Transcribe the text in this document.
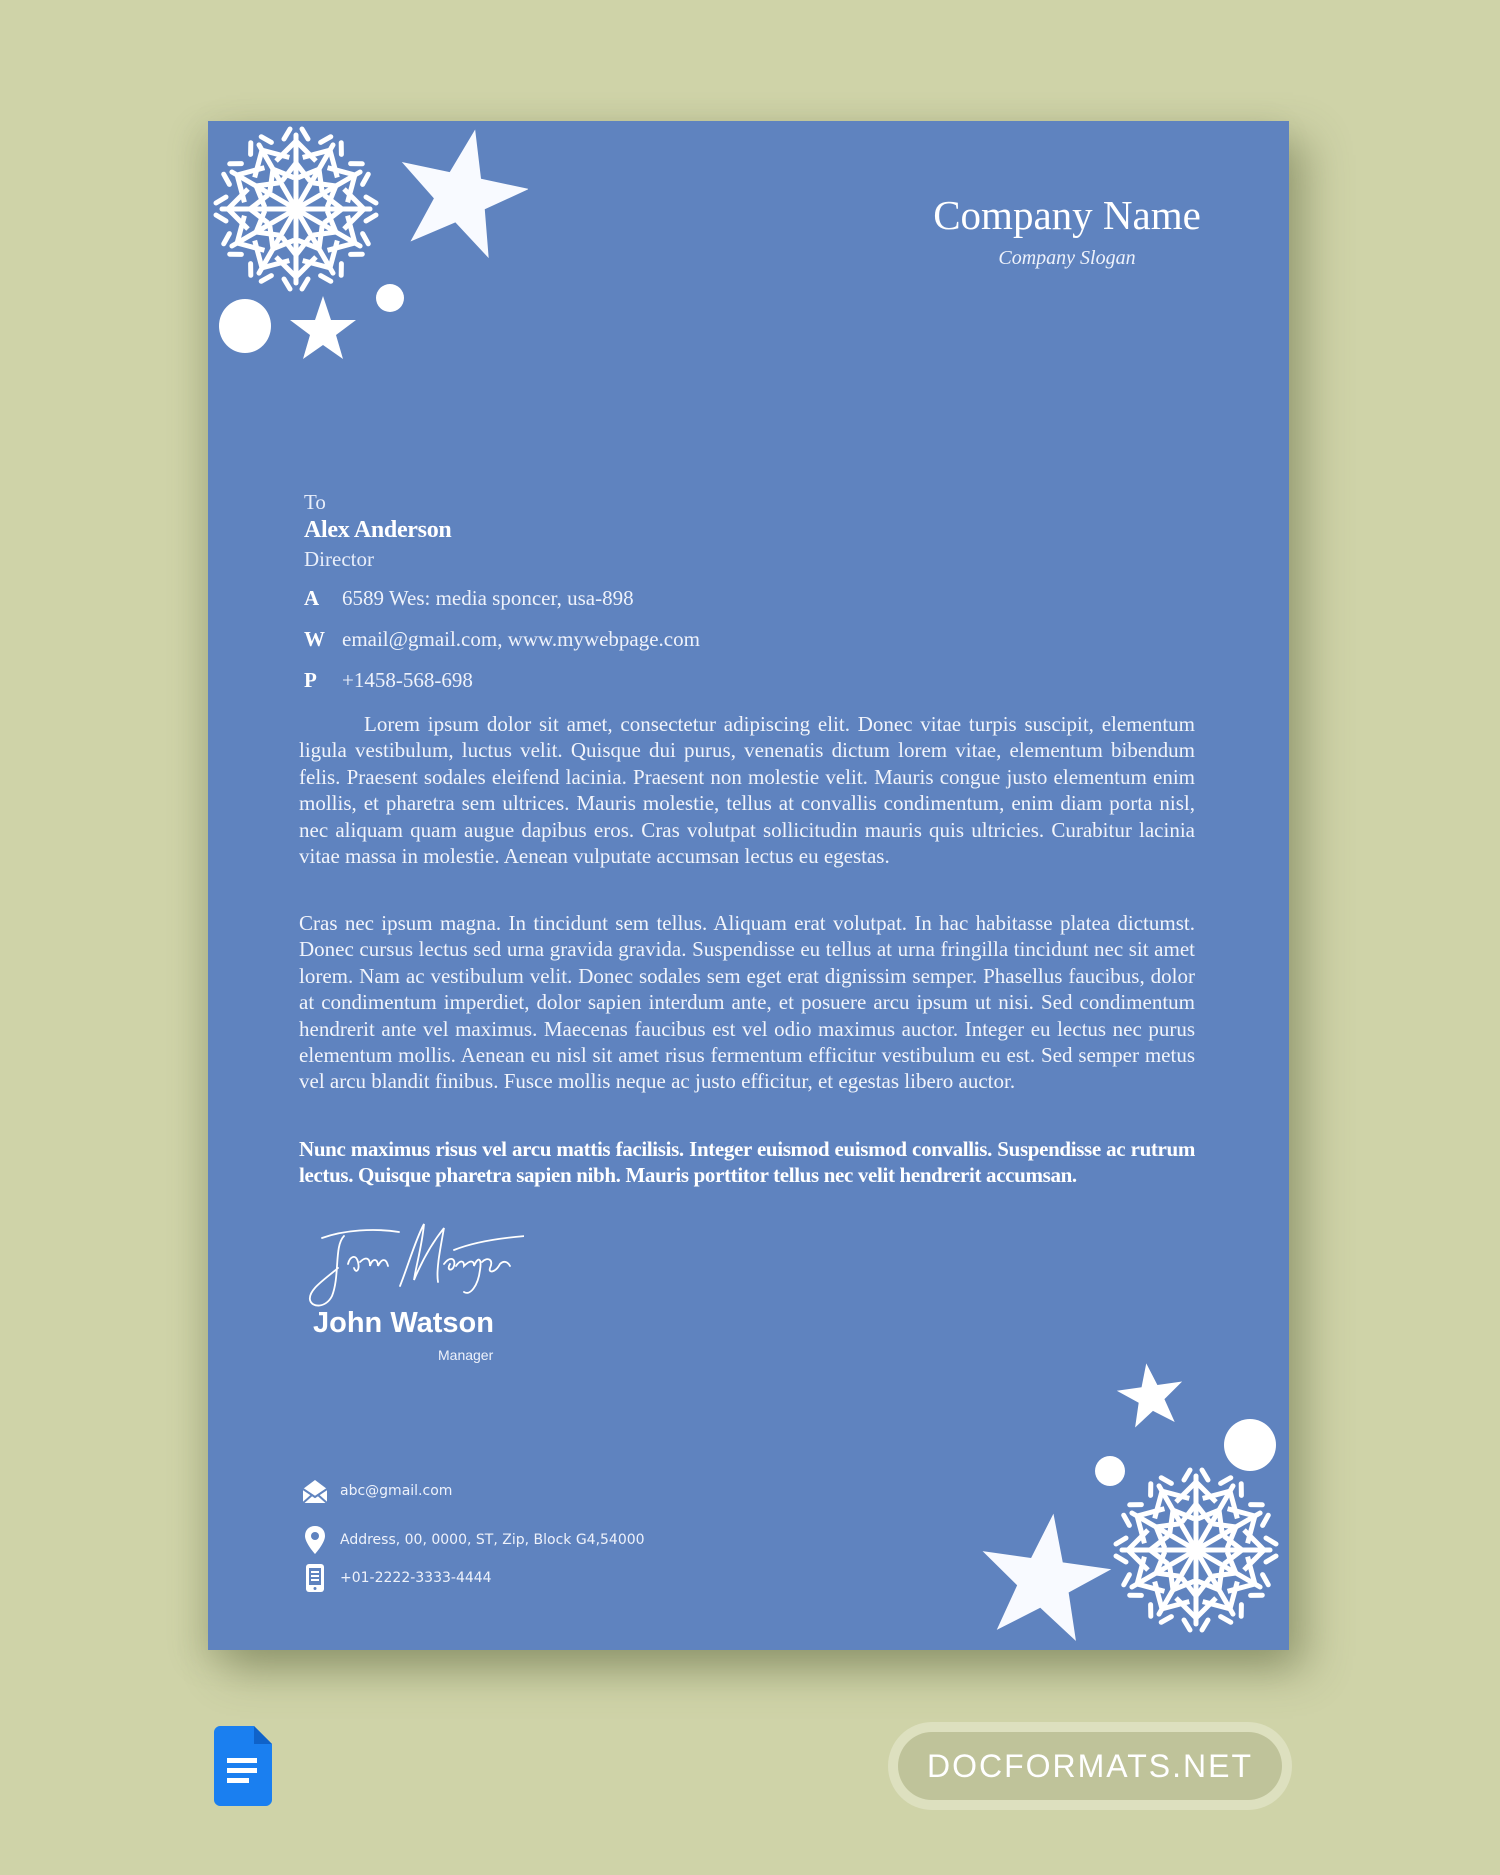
Company Name
Company Slogan
To
Alex Anderson
Director
A 6589 Wes: media sponcer, usa-898
W email@gmail.com, www.mywebpage.com
P +1458-568-698
Lorem ipsum dolor sit amet, consectetur adipiscing elit. Donec vitae turpis suscipit, elementum ligula vestibulum, luctus velit. Quisque dui purus, venenatis dictum lorem vitae, elementum bibendum felis. Praesent sodales eleifend lacinia. Praesent non molestie velit. Mauris congue justo elementum enim mollis, et pharetra sem ultrices. Mauris molestie, tellus at convallis condimentum, enim diam porta nisl, nec aliquam quam augue dapibus eros. Cras volutpat sollicitudin mauris quis ultricies. Curabitur lacinia vitae massa in molestie. Aenean vulputate accumsan lectus eu egestas.
Cras nec ipsum magna. In tincidunt sem tellus. Aliquam erat volutpat. In hac habitasse platea dictumst. Donec cursus lectus sed urna gravida gravida. Suspendisse eu tellus at urna fringilla tincidunt nec sit amet lorem. Nam ac vestibulum velit. Donec sodales sem eget erat dignissim semper. Phasellus faucibus, dolor at condimentum imperdiet, dolor sapien interdum ante, et posuere arcu ipsum ut nisi. Sed condimentum hendrerit ante vel maximus. Maecenas faucibus est vel odio maximus auctor. Integer eu lectus nec purus elementum mollis. Aenean eu nisl sit amet risus fermentum efficitur vestibulum eu est. Sed semper metus vel arcu blandit finibus. Fusce mollis neque ac justo efficitur, et egestas libero auctor.
Nunc maximus risus vel arcu mattis facilisis. Integer euismod euismod convallis. Suspendisse ac rutrum lectus. Quisque pharetra sapien nibh. Mauris porttitor tellus nec velit hendrerit accumsan.
John Watson
Manager
abc@gmail.com
Address, 00, 0000, ST, Zip, Block G4,54000
+01-2222-3333-4444
DOCFORMATS.NET
